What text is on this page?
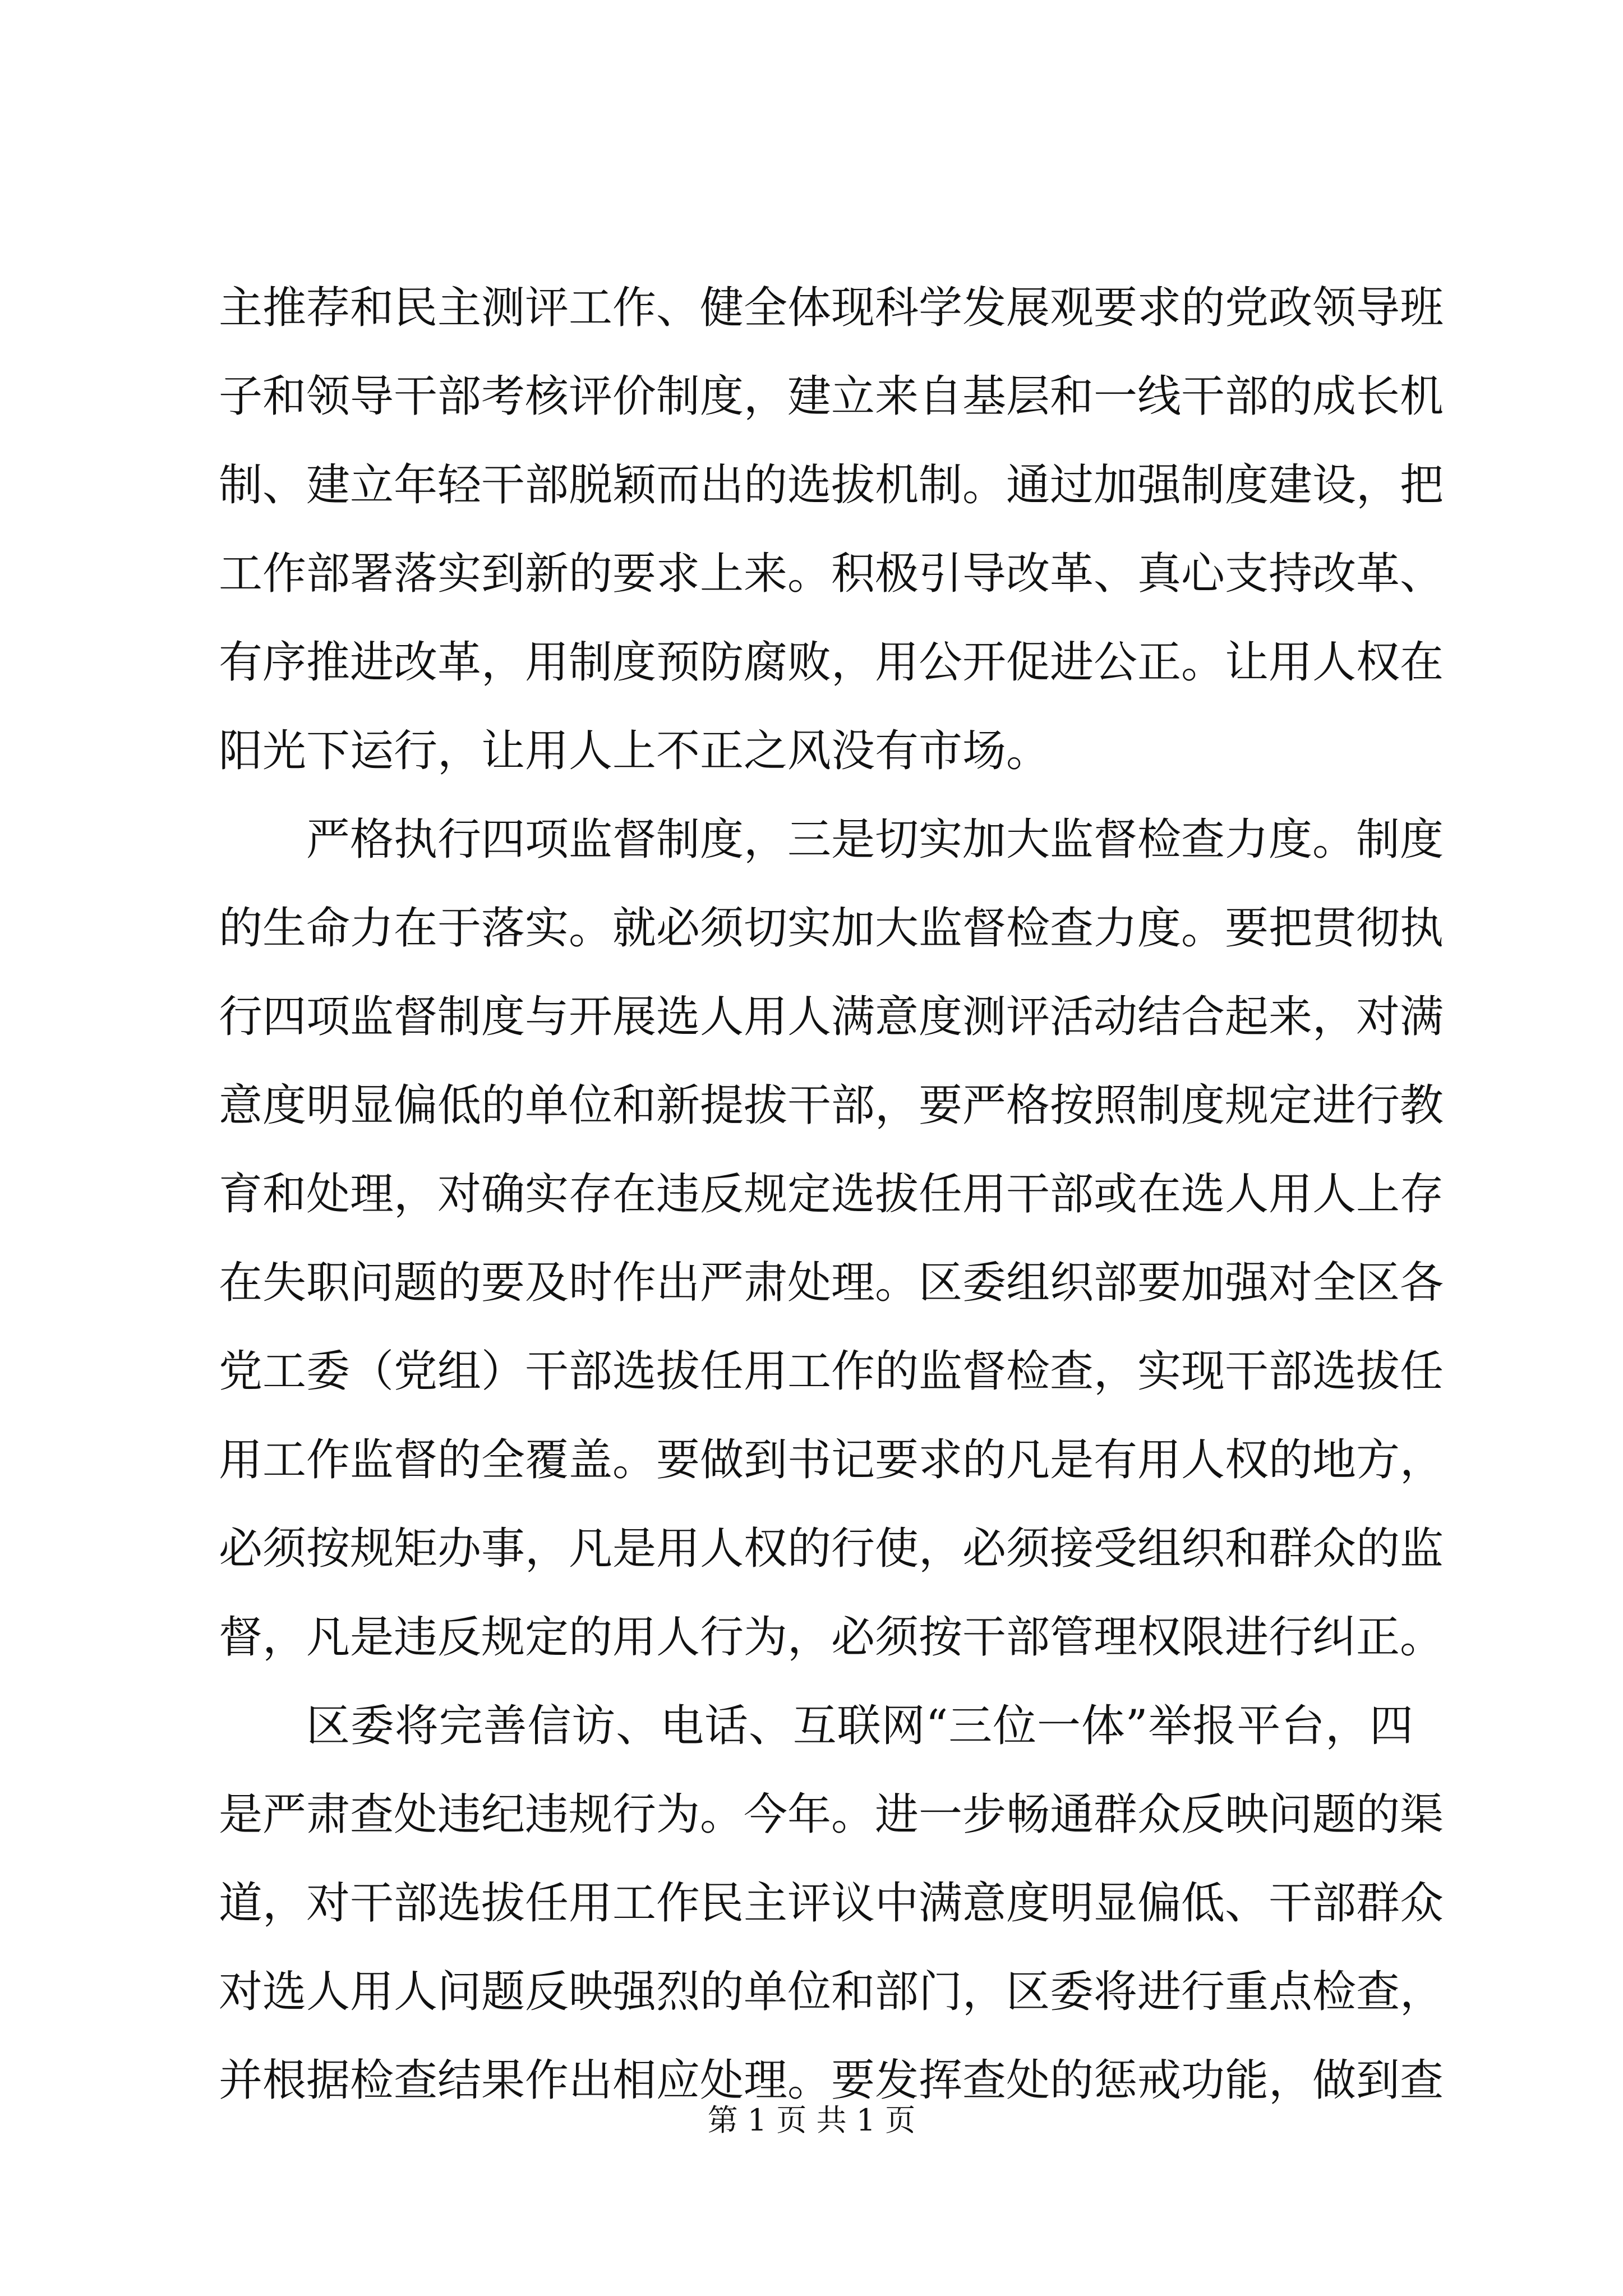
主推荐和民主测评工作、健全体现科学发展观要求的党政领导班
子和领导干部考核评价制度，建立来自基层和一线干部的成长机
制、建立年轻干部脱颖而出的选拔机制。通过加强制度建设，把
工作部署落实到新的要求上来。积极引导改革、真心支持改革、
有序推进改革，用制度预防腐败，用公开促进公正。让用人权在
阳光下运行，让用人上不正之风没有市场。
严格执行四项监督制度，三是切实加大监督检查力度。制度
的生命力在于落实。就必须切实加大监督检查力度。要把贯彻执
行四项监督制度与开展选人用人满意度测评活动结合起来，对满
意度明显偏低的单位和新提拔干部，要严格按照制度规定进行教
育和处理，对确实存在违反规定选拔任用干部或在选人用人上存
在失职问题的要及时作出严肃处理。区委组织部要加强对全区各
党工委（党组）干部选拔任用工作的监督检查，实现干部选拔任
用工作监督的全覆盖。要做到书记要求的凡是有用人权的地方，
必须按规矩办事，凡是用人权的行使，必须接受组织和群众的监
督，凡是违反规定的用人行为，必须按干部管理权限进行纠正。
区委将完善信访、电话、互联网“三位一体”举报平台，四
是严肃查处违纪违规行为。今年。进一步畅通群众反映问题的渠
道，对干部选拔任用工作民主评议中满意度明显偏低、干部群众
对选人用人问题反映强烈的单位和部门，区委将进行重点检查，
并根据检查结果作出相应处理。要发挥查处的惩戒功能，做到查
第 1 页 共 1 页
